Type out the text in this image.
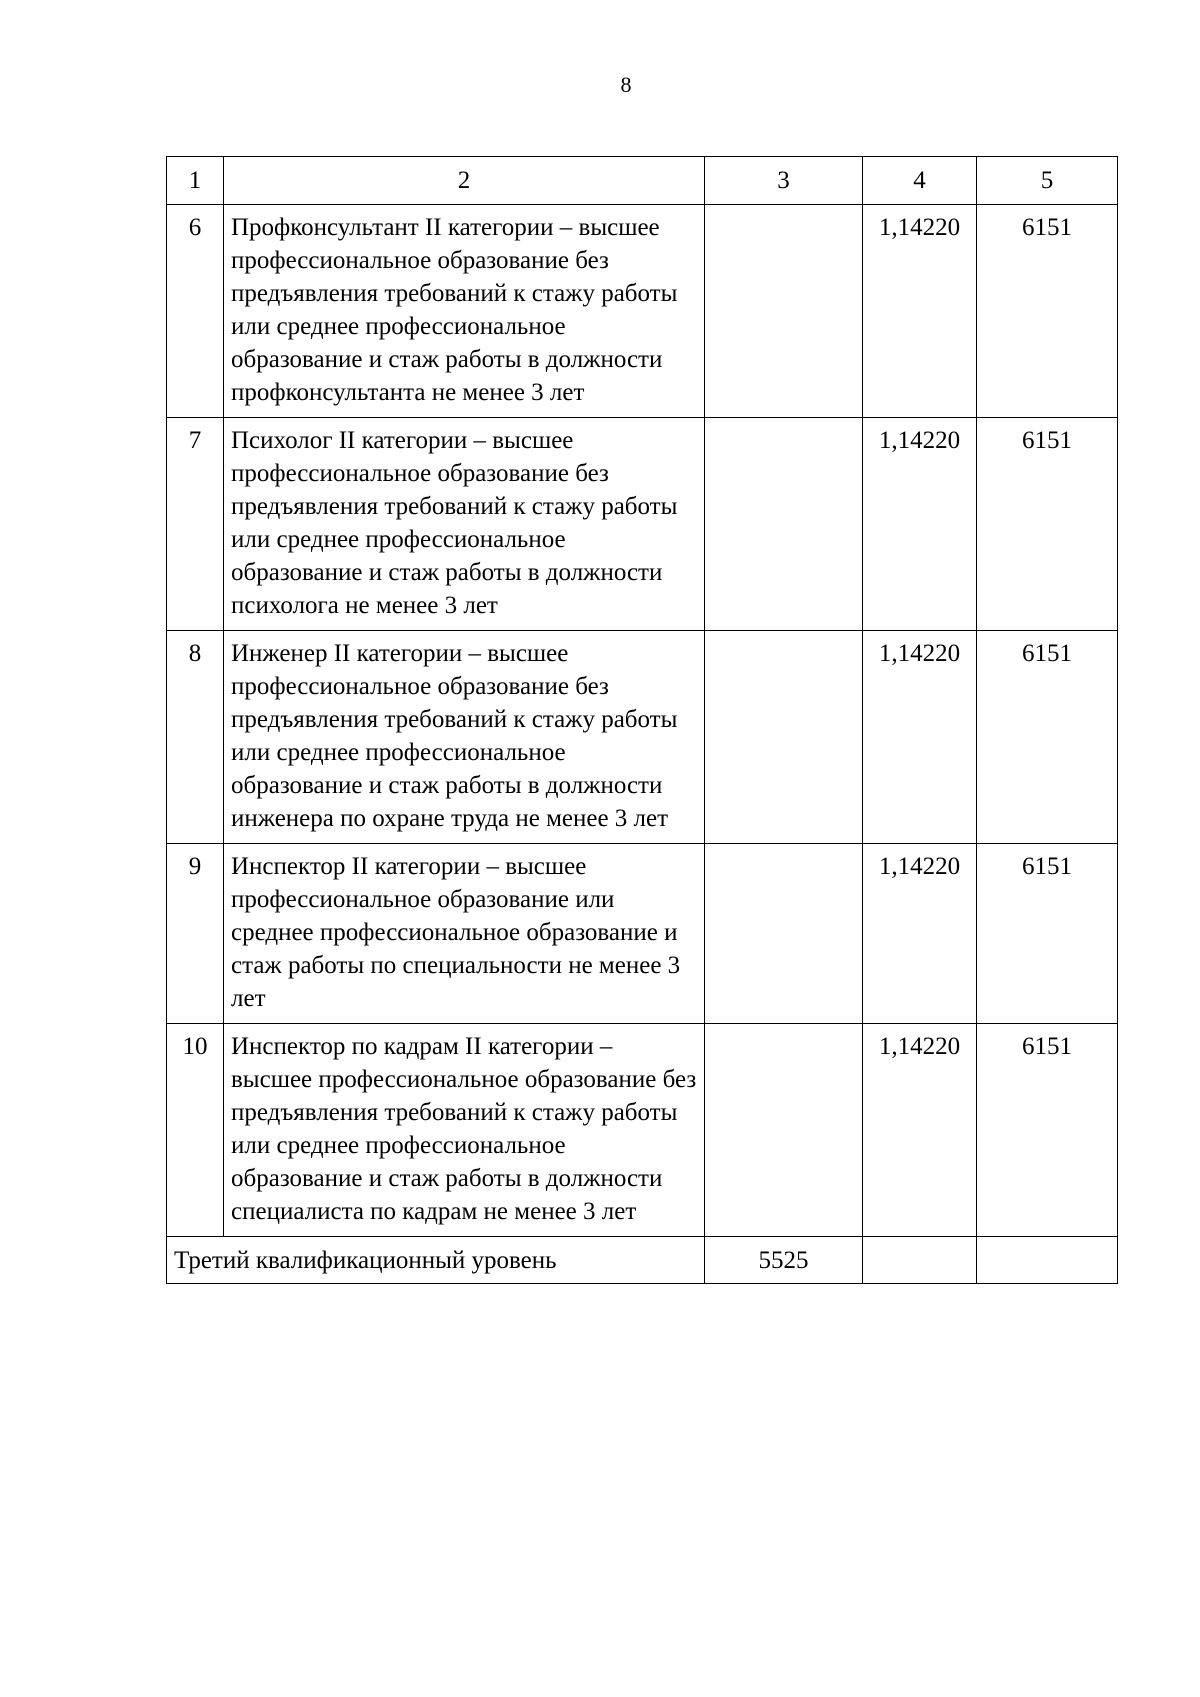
8
1	2	3	4	5
6	Профконсультант II категории – высшее профессиональное образование без предъявления требований к стажу работы или среднее профессиональное образование и стаж работы в должности профконсультанта не менее 3 лет		1,14220	6151
7	Психолог II категории – высшее профессиональное образование без предъявления требований к стажу работы или среднее профессиональное образование и стаж работы в должности психолога не менее 3 лет		1,14220	6151
8	Инженер II категории – высшее профессиональное образование без предъявления требований к стажу работы или среднее профессиональное образование и стаж работы в должности инженера по охране труда не менее 3 лет		1,14220	6151
9	Инспектор II категории – высшее профессиональное образование или среднее профессиональное образование и стаж работы по специальности не менее 3 лет		1,14220	6151
10	Инспектор по кадрам II категории – высшее профессиональное образование без предъявления требований к стажу работы или среднее профессиональное образование и стаж работы в должности специалиста по кадрам не менее 3 лет		1,14220	6151
Третий квалификационный уровень		5525		
